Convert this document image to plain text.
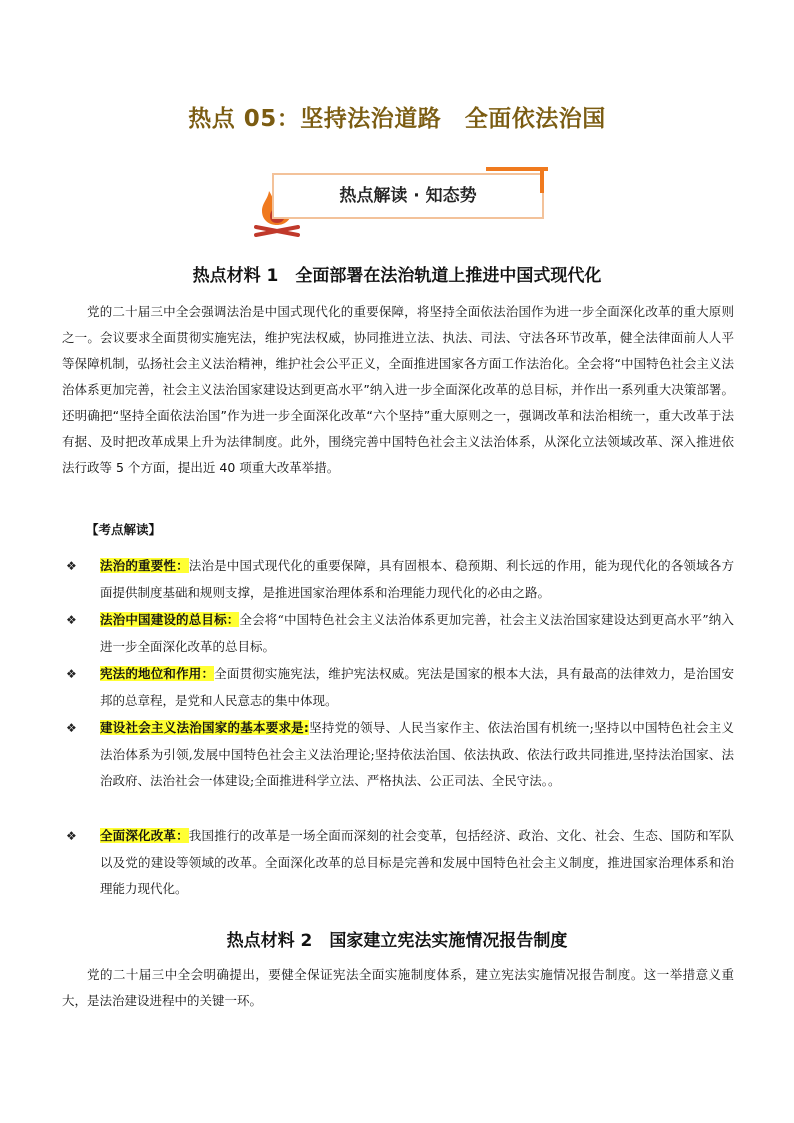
热点 05：坚持法治道路　全面依法治国
热点解读 · 知态势
热点材料 1　全面部署在法治轨道上推进中国式现代化

党的二十届三中全会强调法治是中国式现代化的重要保障，将坚持全面依法治国作为进一步全面深化改革的重大原则之一。会议要求全面贯彻实施宪法，维护宪法权威，协同推进立法、执法、司法、守法各环节改革，健全法律面前人人平等保障机制，弘扬社会主义法治精神，维护社会公平正义，全面推进国家各方面工作法治化。全会将“中国特色社会主义法治体系更加完善，社会主义法治国家建设达到更高水平”纳入进一步全面深化改革的总目标，并作出一系列重大决策部署。还明确把“坚持全面依法治国”作为进一步全面深化改革“六个坚持”重大原则之一，强调改革和法治相统一，重大改革于法有据、及时把改革成果上升为法律制度。此外，围绕完善中国特色社会主义法治体系，从深化立法领域改革、深入推进依法行政等 5 个方面，提出近 40 项重大改革举措。

【考点解读】
❖ 法治的重要性：法治是中国式现代化的重要保障，具有固根本、稳预期、利长远的作用，能为现代化的各领域各方面提供制度基础和规则支撑，是推进国家治理体系和治理能力现代化的必由之路。
❖ 法治中国建设的总目标：全会将“中国特色社会主义法治体系更加完善，社会主义法治国家建设达到更高水平”纳入进一步全面深化改革的总目标。
❖ 宪法的地位和作用：全面贯彻实施宪法，维护宪法权威。宪法是国家的根本大法，具有最高的法律效力，是治国安邦的总章程，是党和人民意志的集中体现。
❖ 建设社会主义法治国家的基本要求是:坚持党的领导、人民当家作主、依法治国有机统一;坚持以中国特色社会主义法治体系为引领,发展中国特色社会主义法治理论;坚持依法治国、依法执政、依法行政共同推进,坚持法治国家、法治政府、法治社会一体建设;全面推进科学立法、严格执法、公正司法、全民守法。。
❖ 全面深化改革：我国推行的改革是一场全面而深刻的社会变革，包括经济、政治、文化、社会、生态、国防和军队以及党的建设等领域的改革。全面深化改革的总目标是完善和发展中国特色社会主义制度，推进国家治理体系和治理能力现代化。
热点材料 2　国家建立宪法实施情况报告制度

党的二十届三中全会明确提出，要健全保证宪法全面实施制度体系，建立宪法实施情况报告制度。这一举措意义重大，是法治建设进程中的关键一环。
